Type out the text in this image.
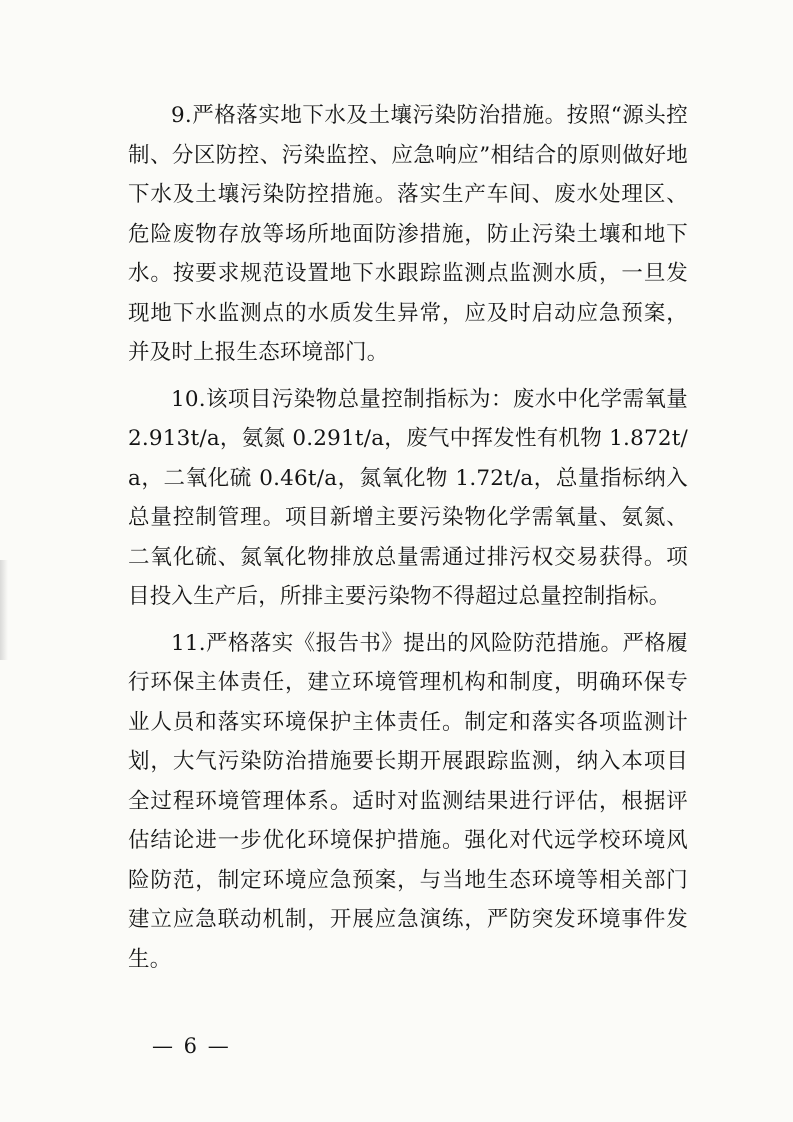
9.严格落实地下水及土壤污染防治措施。按照“源头控制、分区防控、污染监控、应急响应”相结合的原则做好地下水及土壤污染防控措施。落实生产车间、废水处理区、危险废物存放等场所地面防渗措施，防止污染土壤和地下水。按要求规范设置地下水跟踪监测点监测水质，一旦发现地下水监测点的水质发生异常，应及时启动应急预案，并及时上报生态环境部门。

10.该项目污染物总量控制指标为：废水中化学需氧量2.913t/a，氨氮 0.291t/a，废气中挥发性有机物 1.872t/a，二氧化硫 0.46t/a，氮氧化物 1.72t/a，总量指标纳入总量控制管理。项目新增主要污染物化学需氧量、氨氮、二氧化硫、氮氧化物排放总量需通过排污权交易获得。项目投入生产后，所排主要污染物不得超过总量控制指标。

11.严格落实《报告书》提出的风险防范措施。严格履行环保主体责任，建立环境管理机构和制度，明确环保专业人员和落实环境保护主体责任。制定和落实各项监测计划，大气污染防治措施要长期开展跟踪监测，纳入本项目全过程环境管理体系。适时对监测结果进行评估，根据评估结论进一步优化环境保护措施。强化对代远学校环境风险防范，制定环境应急预案，与当地生态环境等相关部门建立应急联动机制，开展应急演练，严防突发环境事件发生。

— 6 —
